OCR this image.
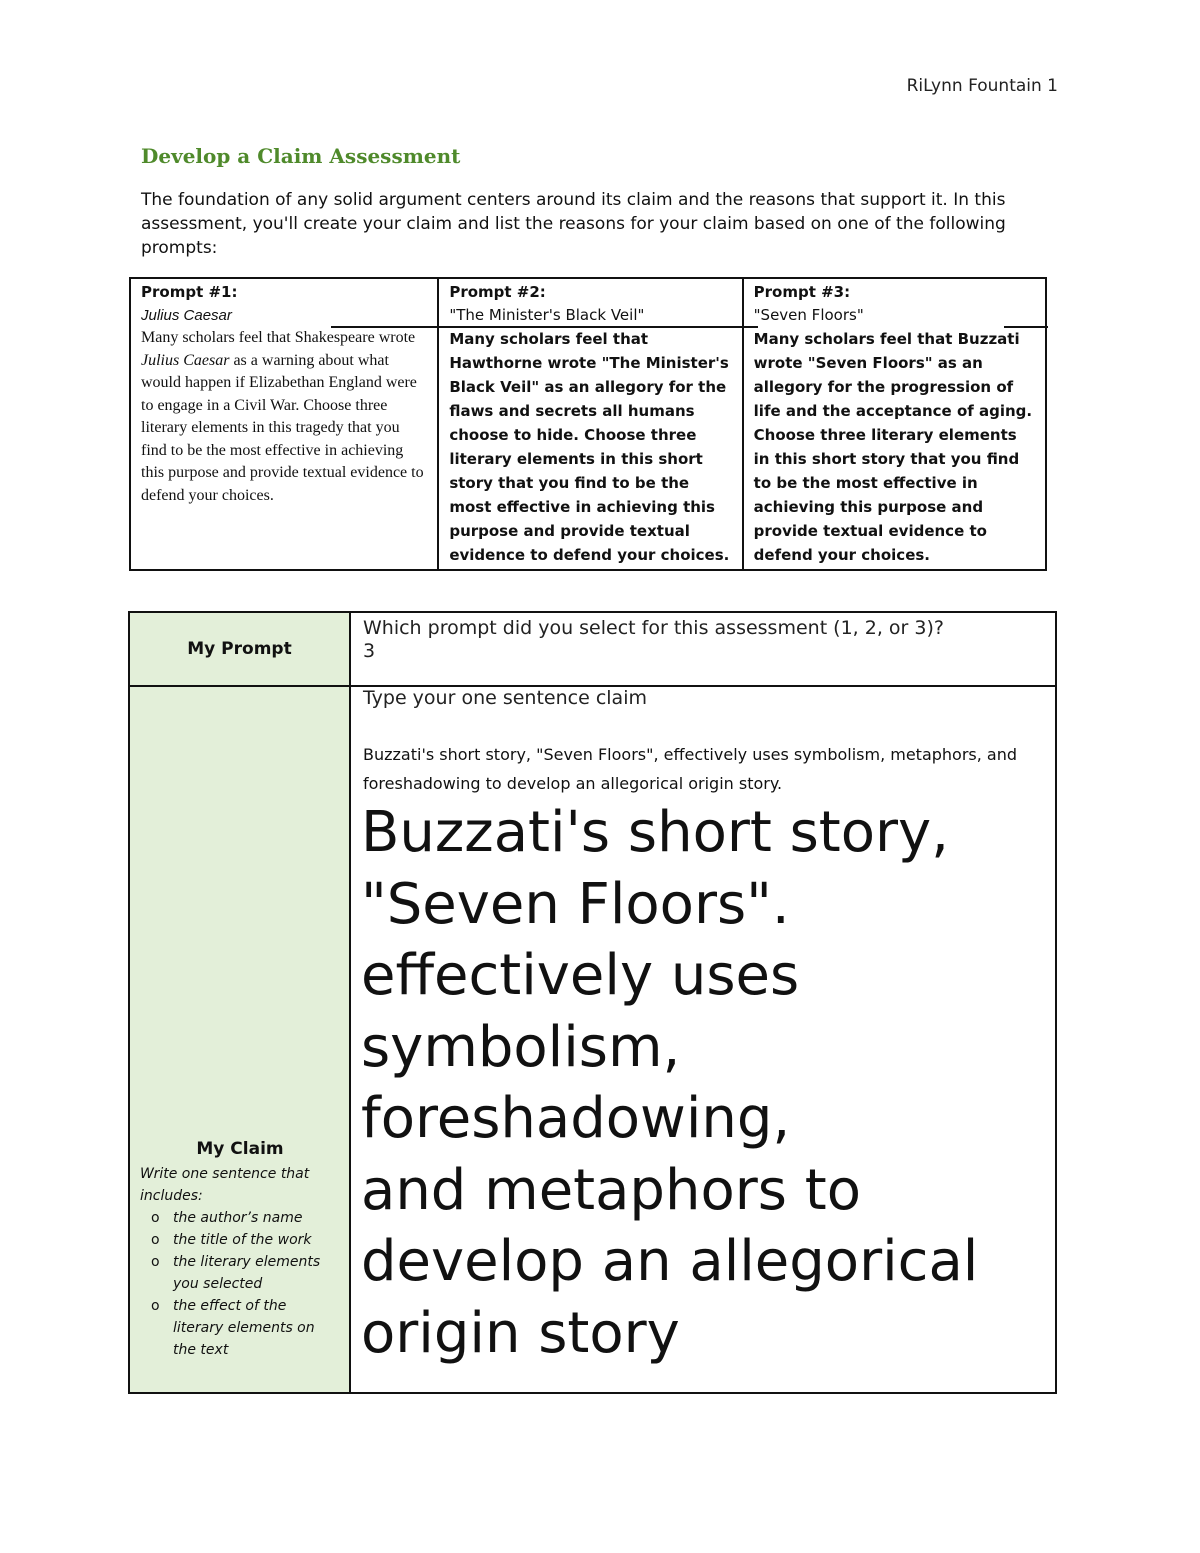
RiLynn Fountain 1
Develop a Claim Assessment

The foundation of any solid argument centers around its claim and the reasons that support it. In this assessment, you'll create your claim and list the reasons for your claim based on one of the following prompts:

Prompt #1:
Julius Caesar
Many scholars feel that Shakespeare wrote Julius Caesar as a warning about what would happen if Elizabethan England were to engage in a Civil War. Choose three literary elements in this tragedy that you find to be the most effective in achieving this purpose and provide textual evidence to defend your choices.
Prompt #2:
"The Minister's Black Veil"
Many scholars feel that Hawthorne wrote "The Minister's Black Veil" as an allegory for the flaws and secrets all humans choose to hide. Choose three literary elements in this short story that you find to be the most effective in achieving this purpose and provide textual evidence to defend your choices.
Prompt #3:
"Seven Floors"
Many scholars feel that Buzzati wrote "Seven Floors" as an allegory for the progression of life and the acceptance of aging. Choose three literary elements in this short story that you find to be the most effective in achieving this purpose and provide textual evidence to defend your choices.
My Prompt
Which prompt did you select for this assessment (1, 2, or 3)?
3
My Claim
Write one sentence that includes:
o the author’s name
o the title of the work
o the literary elements you selected
o the effect of the literary elements on the text
Type your one sentence claim
Buzzati's short story, "Seven Floors", effectively uses symbolism, metaphors, and foreshadowing to develop an allegorical origin story.
Buzzati's short story,
"Seven Floors".
effectively uses
symbolism,
foreshadowing,
and metaphors to
develop an allegorical
origin story
